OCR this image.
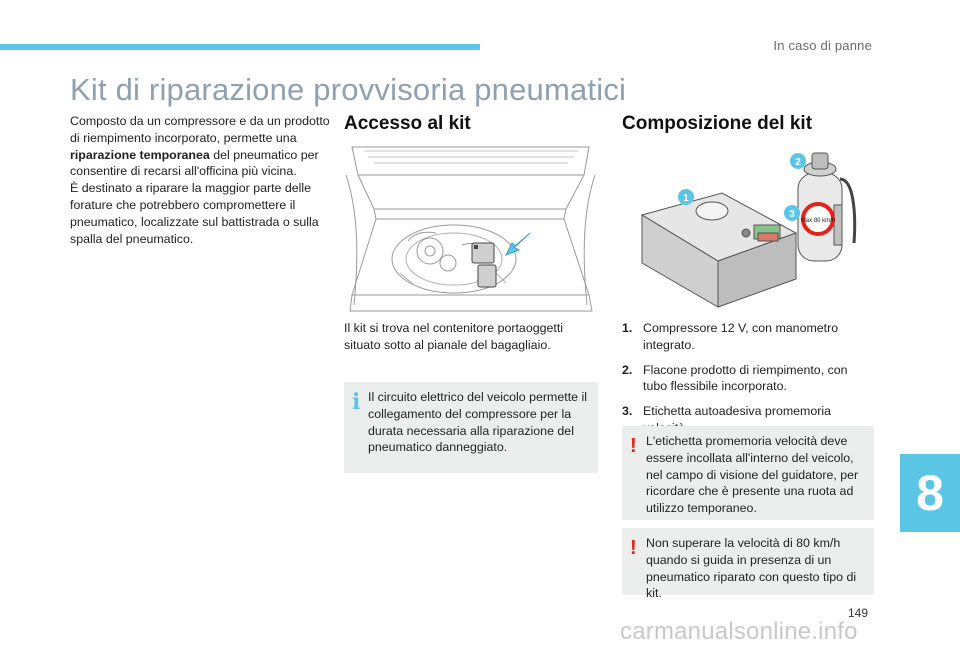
In caso di panne
Kit di riparazione provvisoria pneumatici

Composto da un compressore e da un prodotto di riempimento incorporato, permette una riparazione temporanea del pneumatico per consentire di recarsi all'officina più vicina.

È destinato a riparare la maggior parte delle forature che potrebbero compromettere il pneumatico, localizzate sul battistrada o sulla spalla del pneumatico.

Accesso al kit
Il kit si trova nel contenitore portaoggetti situato sotto al pianale del bagagliaio.
i Il circuito elettrico del veicolo permette il collegamento del compressore per la durata necessaria alla riparazione del pneumatico danneggiato.
Composizione del kit
Max 80 km/h
1
2
3
1. Compressore 12 V, con manometro integrato.
2. Flacone prodotto di riempimento, con tubo flessibile incorporato.
3. Etichetta autoadesiva promemoria
! L'etichetta promemoria velocità deve essere incollata all'interno del veicolo, nel campo di visione del guidatore, per ricordare che è presente una ruota ad utilizzo temporaneo.
! Non superare la velocità di 80 km/h quando si guida in presenza di un pneumatico riparato con questo tipo di kit.
8
149
carmanualsonline.info
